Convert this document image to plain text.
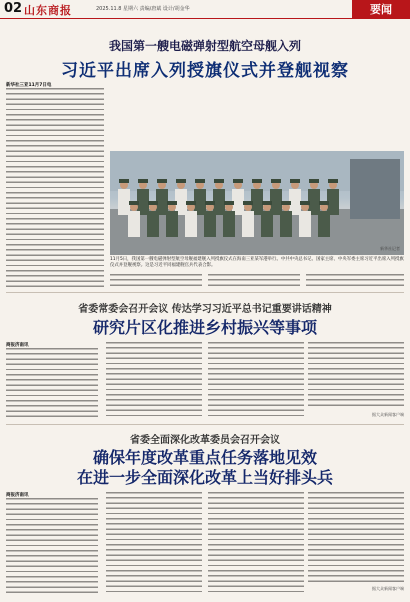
02 山东商报	2025.11.8 星期六 责编/唐斌 设计/胡金华	要闻
我国第一艘电磁弹射型航空母舰入列
习近平出席入列授旗仪式并登舰视察
新华社三亚11月7日电
新华社记者
11月5日，我国第一艘电磁弹射型航空母舰福建舰入列授旗仪式在海南三亚某军港举行。中共中央总书记、国家主席、中央军委主席习近平出席入列授旗仪式并登舰视察。这是习近平同福建舰官兵代表合影。
省委常委会召开会议 传达学习习近平总书记重要讲话精神
研究片区化推进乡村振兴等事项
商报济南讯
据大众新闻客户端
省委全面深化改革委员会召开会议
确保年度改革重点任务落地见效
在进一步全面深化改革上当好排头兵
商报济南讯
据大众新闻客户端
